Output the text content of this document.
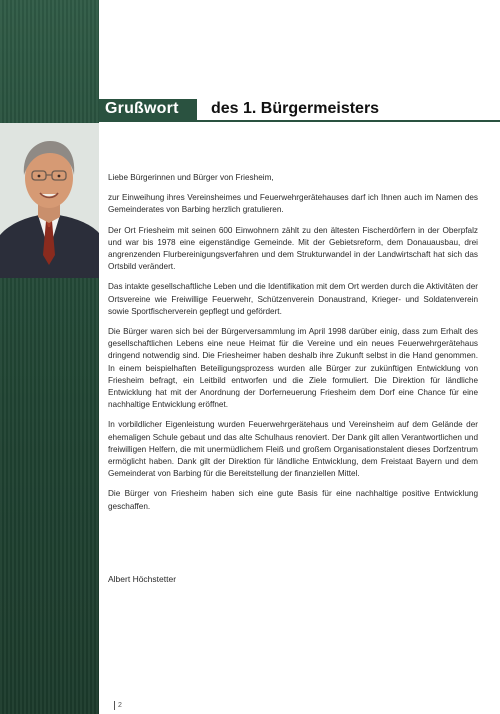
Grußwort	des 1. Bürgermeisters

Liebe Bürgerinnen und Bürger von Friesheim,

zur Einweihung ihres Vereinsheimes und Feuerwehrgerätehauses darf ich Ihnen auch im Namen des Gemeinderates von Barbing herzlich gratulieren.

Der Ort Friesheim mit seinen 600 Einwohnern zählt zu den ältesten Fischerdörfern in der Oberpfalz und war bis 1978 eine eigenständige Gemeinde. Mit der Gebietsreform, dem Donauausbau, drei angrenzenden Flurbereinigungsverfahren und dem Strukturwandel in der Landwirtschaft hat sich das Ortsbild verändert.

Das intakte gesellschaftliche Leben und die Identifikation mit dem Ort werden durch die Aktivitäten der Ortsvereine wie Freiwillige Feuerwehr, Schützenverein Donaustrand, Krieger- und Soldatenverein sowie Sportfischerverein gepflegt und gefördert.

Die Bürger waren sich bei der Bürgerversammlung im April 1998 darüber einig, dass zum Erhalt des gesellschaftlichen Lebens eine neue Heimat für die Vereine und ein neues Feuerwehrgerätehaus dringend notwendig sind. Die Friesheimer haben deshalb ihre Zukunft selbst in die Hand genommen. In einem beispielhaften Beteiligungsprozess wurden alle Bürger zur zukünftigen Entwicklung von Friesheim befragt, ein Leitbild entworfen und die Ziele formuliert. Die Direktion für ländliche Entwicklung hat mit der Anordnung der Dorferneuerung Friesheim dem Dorf eine Chance für eine nachhaltige Entwicklung eröffnet.

In vorbildlicher Eigenleistung wurden Feuerwehrgerätehaus und Vereinsheim auf dem Gelände der ehemaligen Schule gebaut und das alte Schulhaus renoviert. Der Dank gilt allen Verantwortlichen und freiwilligen Helfern, die mit unermüdlichem Fleiß und großem Organisationstalent dieses Dorfzentrum ermöglicht haben. Dank gilt der Direktion für ländliche Entwicklung, dem Freistaat Bayern und dem Gemeinderat von Barbing für die Bereitstellung der finanziellen Mittel.

Die Bürger von Friesheim haben sich eine gute Basis für eine nachhaltige positive Entwicklung geschaffen.

Albert Höchstetter
2
